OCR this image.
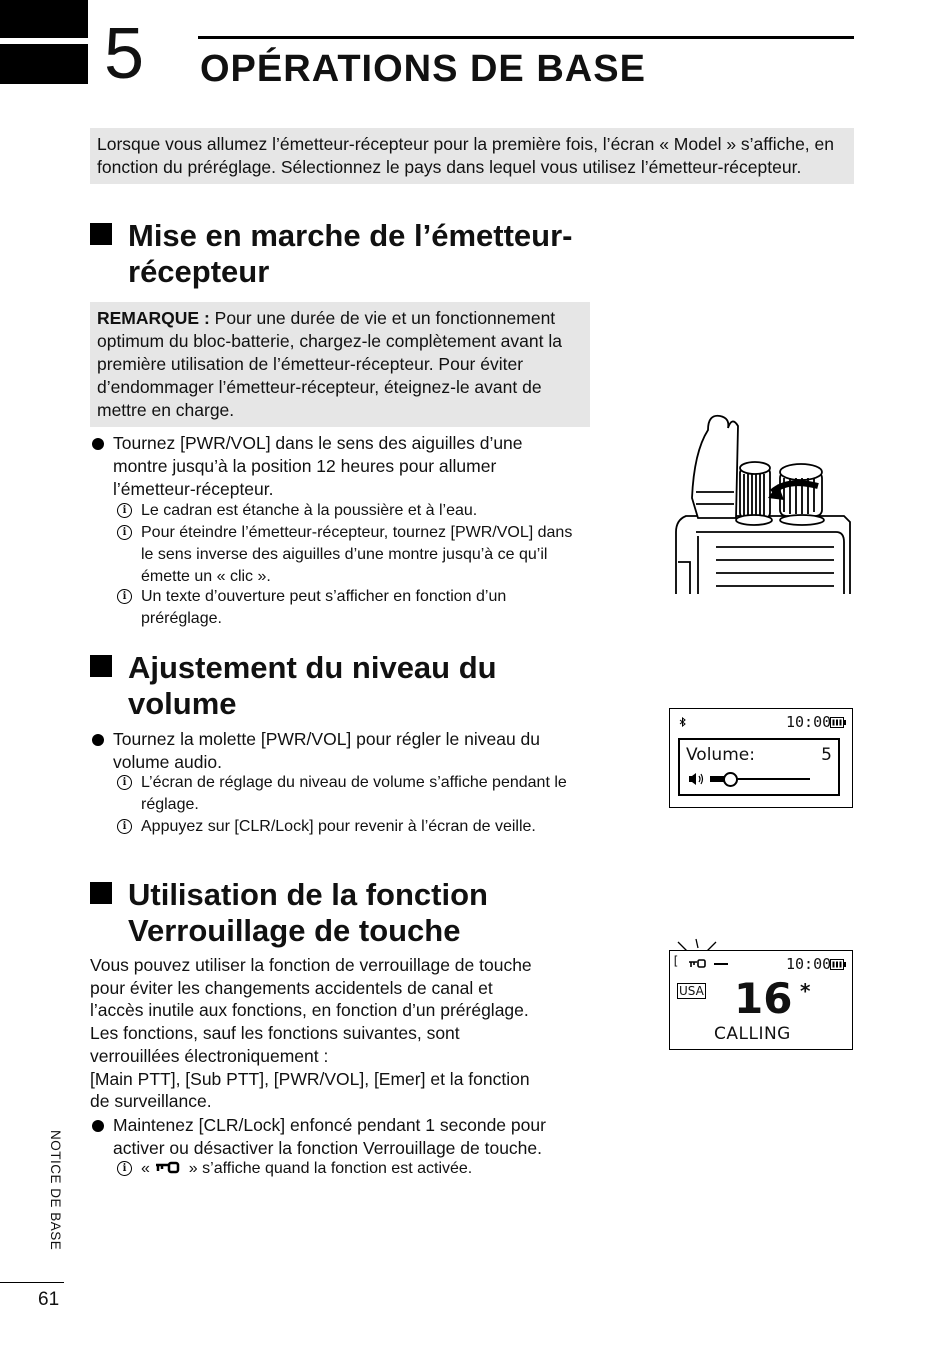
5 OPÉRATIONS DE BASE
Lorsque vous allumez l’émetteur-récepteur pour la première fois, l’écran « Model » s’affiche, en fonction du préréglage. Sélectionnez le pays dans lequel vous utilisez l’émetteur-récepteur.
Mise en marche de l’émetteur-
récepteur
REMARQUE : Pour une durée de vie et un fonctionnement optimum du bloc-batterie, chargez-le complètement avant la première utilisation de l’émetteur-récepteur. Pour éviter d’endommager l’émetteur-récepteur, éteignez-le avant de mettre en charge.
Tournez [PWR/VOL] dans le sens des aiguilles d’une montre jusqu’à la position 12 heures pour allumer l’émetteur-récepteur.
i Le cadran est étanche à la poussière et à l’eau.
i Pour éteindre l’émetteur-récepteur, tournez [PWR/VOL] dans le sens inverse des aiguilles d’une montre jusqu’à ce qu’il émette un « clic ».
i Un texte d’ouverture peut s’afficher en fonction d’un préréglage.
Ajustement du niveau du
volume
Tournez la molette [PWR/VOL] pour régler le niveau du volume audio.
i L’écran de réglage du niveau de volume s’affiche pendant le réglage.
i Appuyez sur [CLR/Lock] pour revenir à l’écran de veille.
10:00
Volume:	5
Utilisation de la fonction
Verrouillage de touche
Vous pouvez utiliser la fonction de verrouillage de touche
pour éviter les changements accidentels de canal et
l’accès inutile aux fonctions, en fonction d’un préréglage.
Les fonctions, sauf les fonctions suivantes, sont
verrouillées électroniquement :
[Main PTT], [Sub PTT], [PWR/VOL], [Emer] et la fonction
de surveillance.
Maintenez [CLR/Lock] enfoncé pendant 1 seconde pour activer ou désactiver la fonction Verrouillage de touche.
i «  » s’affiche quand la fonction est activée.
[	10:00
USA 16 *
CALLING
NOTICE DE BASE
61
